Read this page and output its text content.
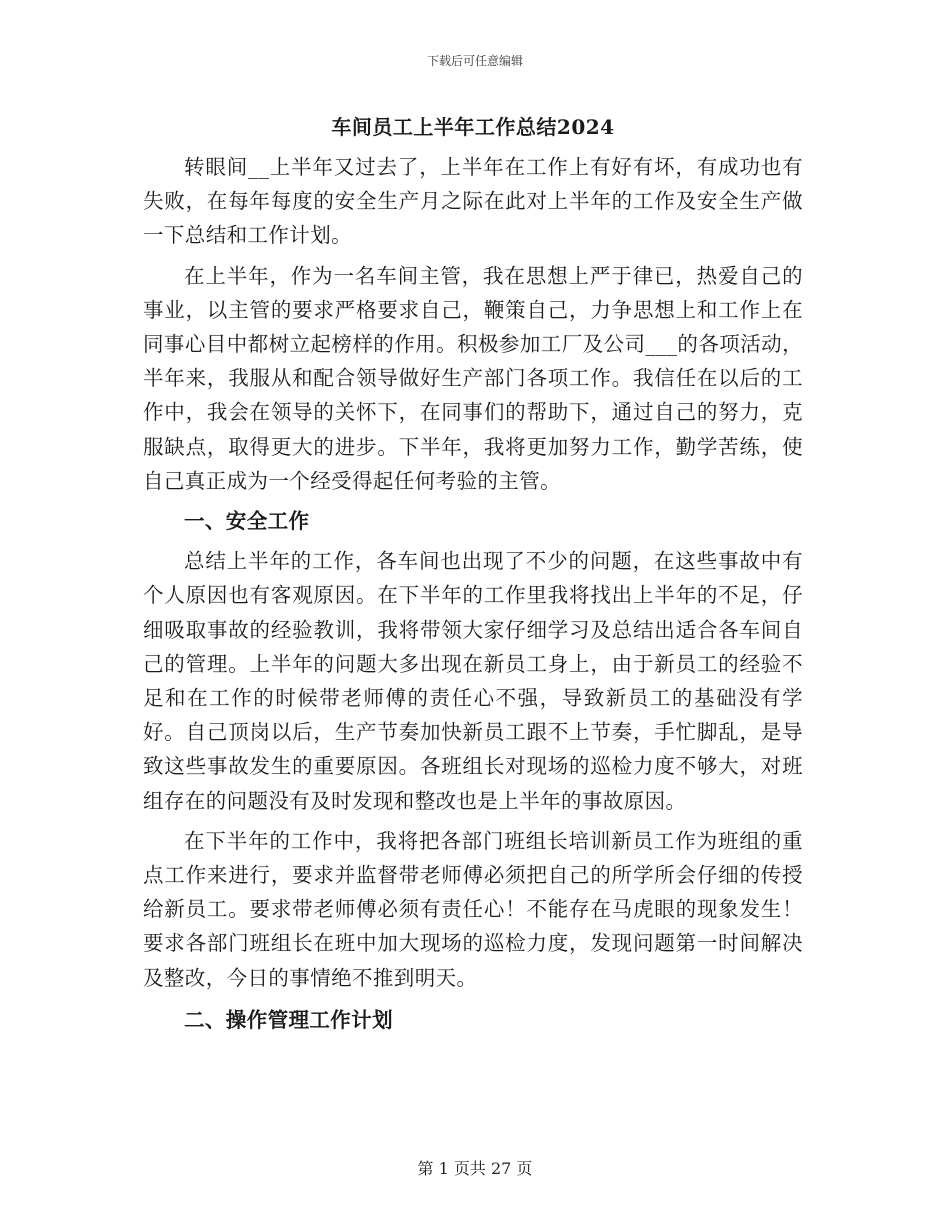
下载后可任意编辑
车间员工上半年工作总结2024

转眼间__上半年又过去了，上半年在工作上有好有坏，有成功也有失败，在每年每度的安全生产月之际在此对上半年的工作及安全生产做一下总结和工作计划。

在上半年，作为一名车间主管，我在思想上严于律已，热爱自己的事业，以主管的要求严格要求自己，鞭策自己，力争思想上和工作上在同事心目中都树立起榜样的作用。积极参加工厂及公司___的各项活动，半年来，我服从和配合领导做好生产部门各项工作。我信任在以后的工作中，我会在领导的关怀下，在同事们的帮助下，通过自己的努力，克服缺点，取得更大的进步。下半年，我将更加努力工作，勤学苦练，使自己真正成为一个经受得起任何考验的主管。

一、安全工作

总结上半年的工作，各车间也出现了不少的问题，在这些事故中有个人原因也有客观原因。在下半年的工作里我将找出上半年的不足，仔细吸取事故的经验教训，我将带领大家仔细学习及总结出适合各车间自己的管理。上半年的问题大多出现在新员工身上，由于新员工的经验不足和在工作的时候带老师傅的责任心不强，导致新员工的基础没有学好。自己顶岗以后，生产节奏加快新员工跟不上节奏，手忙脚乱，是导致这些事故发生的重要原因。各班组长对现场的巡检力度不够大，对班组存在的问题没有及时发现和整改也是上半年的事故原因。

在下半年的工作中，我将把各部门班组长培训新员工作为班组的重点工作来进行，要求并监督带老师傅必须把自己的所学所会仔细的传授给新员工。要求带老师傅必须有责任心！不能存在马虎眼的现象发生！要求各部门班组长在班中加大现场的巡检力度，发现问题第一时间解决及整改，今日的事情绝不推到明天。

二、操作管理工作计划

第 1 页共 27 页
